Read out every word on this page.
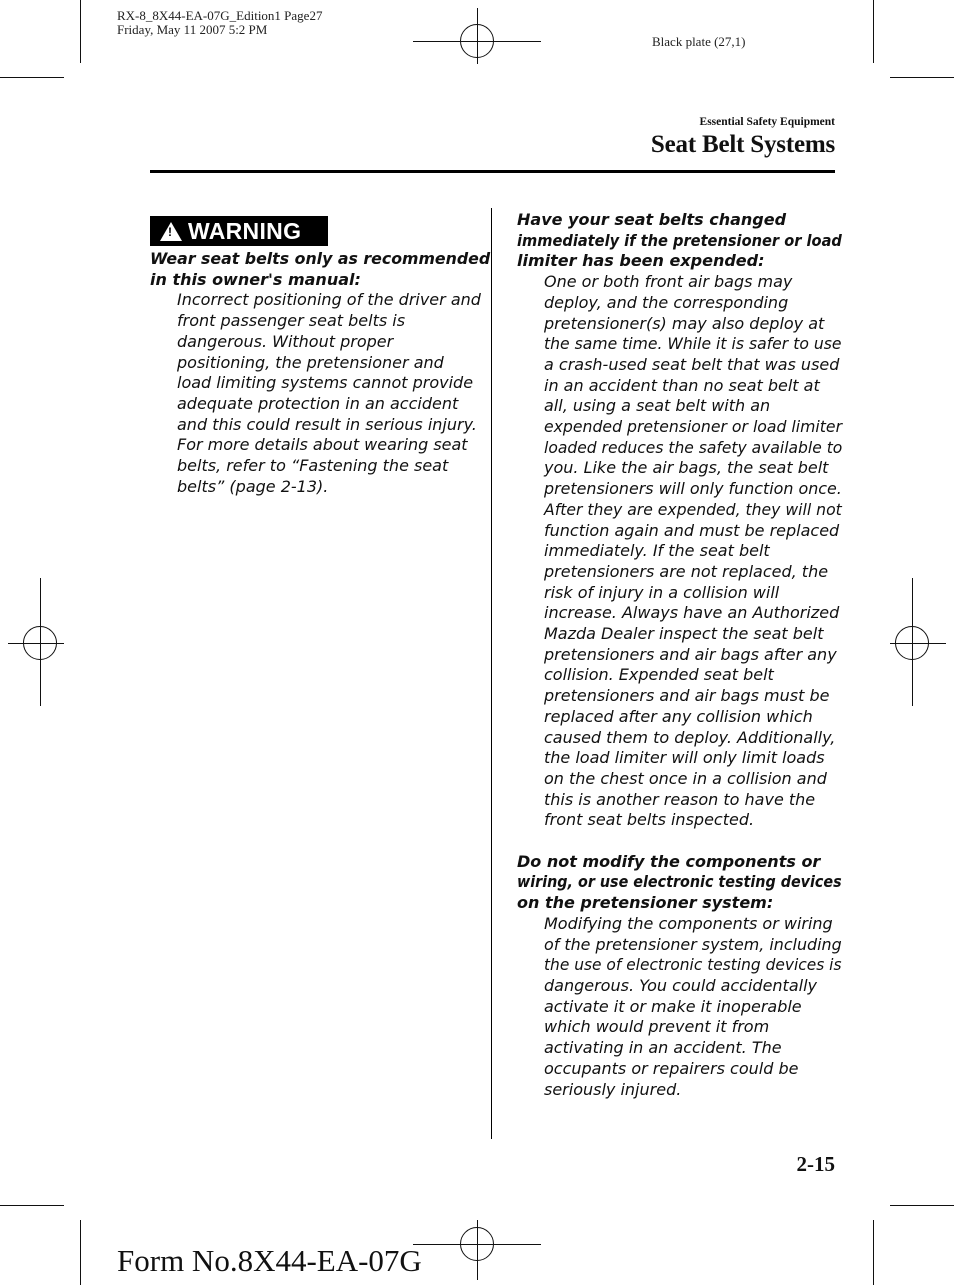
RX-8_8X44-EA-07G_Edition1 Page27
Friday, May 11 2007 5:2 PM
Black plate (27,1)
Essential Safety Equipment
Seat Belt Systems
! WARNING
Wear seat belts only as recommended
in this owner's manual:
Incorrect positioning of the driver and
front passenger seat belts is
dangerous. Without proper
positioning, the pretensioner and
load limiting systems cannot provide
adequate protection in an accident
and this could result in serious injury.
For more details about wearing seat
belts, refer to “Fastening the seat
belts” (page 2-13).
Have your seat belts changed
immediately if the pretensioner or load
limiter has been expended:
One or both front air bags may
deploy, and the corresponding
pretensioner(s) may also deploy at
the same time. While it is safer to use
a crash-used seat belt that was used
in an accident than no seat belt at
all, using a seat belt with an
expended pretensioner or load limiter
loaded reduces the safety available to
you. Like the air bags, the seat belt
pretensioners will only function once.
After they are expended, they will not
function again and must be replaced
immediately. If the seat belt
pretensioners are not replaced, the
risk of injury in a collision will
increase. Always have an Authorized
Mazda Dealer inspect the seat belt
pretensioners and air bags after any
collision. Expended seat belt
pretensioners and air bags must be
replaced after any collision which
caused them to deploy. Additionally,
the load limiter will only limit loads
on the chest once in a collision and
this is another reason to have the
front seat belts inspected.
Do not modify the components or
wiring, or use electronic testing devices
on the pretensioner system:
Modifying the components or wiring
of the pretensioner system, including
the use of electronic testing devices is
dangerous. You could accidentally
activate it or make it inoperable
which would prevent it from
activating in an accident. The
occupants or repairers could be
seriously injured.
2-15
Form No.8X44-EA-07G
